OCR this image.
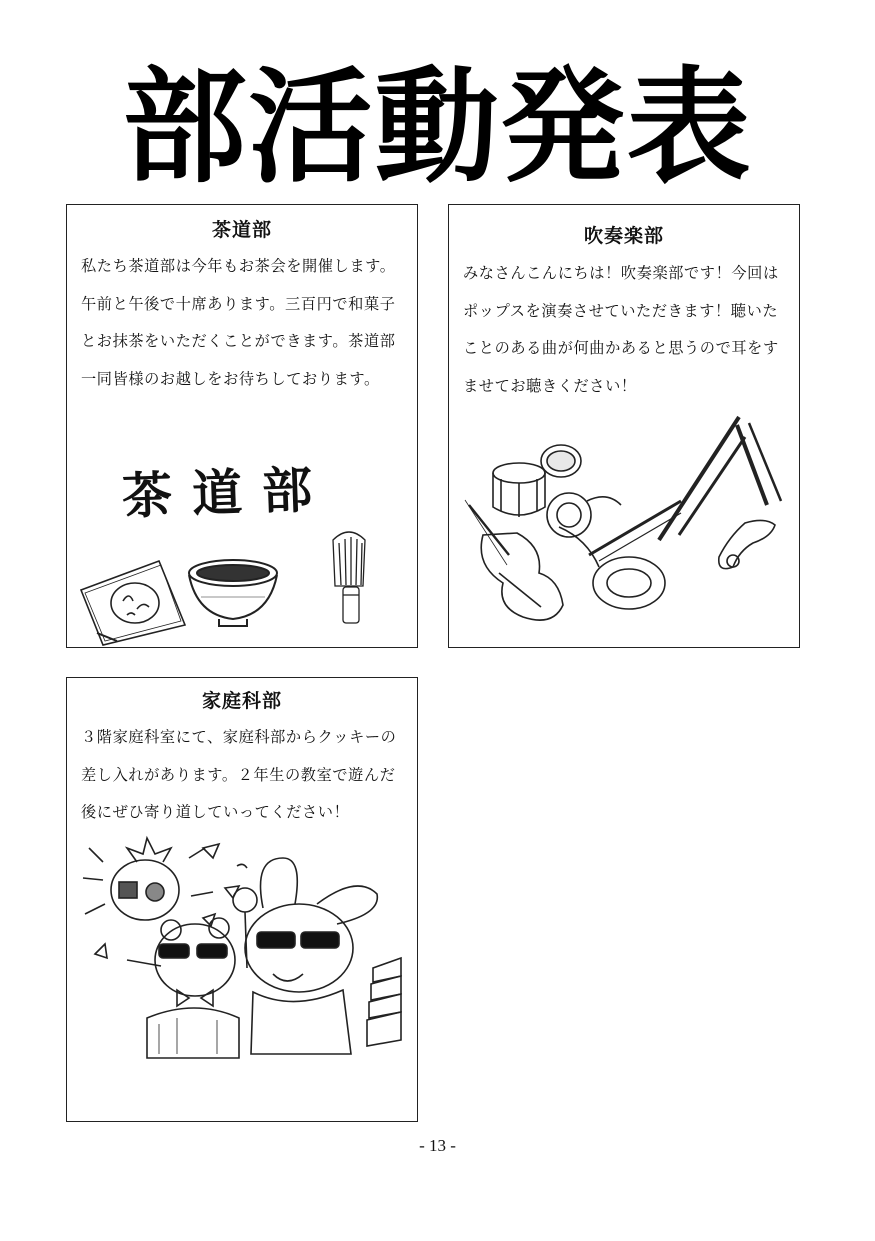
部活動発表
茶道部

私たち茶道部は今年もお茶会を開催します。午前と午後で十席あります。三百円で和菓子とお抹茶をいただくことができます。茶道部一同皆様のお越しをお待ちしております。

茶道部
吹奏楽部

みなさんこんにちは！吹奏楽部です！今回はポップスを演奏させていただきます！聴いたことのある曲が何曲かあると思うので耳をすませてお聴きください！

家庭科部

３階家庭科室にて、家庭科部からクッキーの差し入れがあります。２年生の教室で遊んだ後にぜひ寄り道していってください！

- 13 -
